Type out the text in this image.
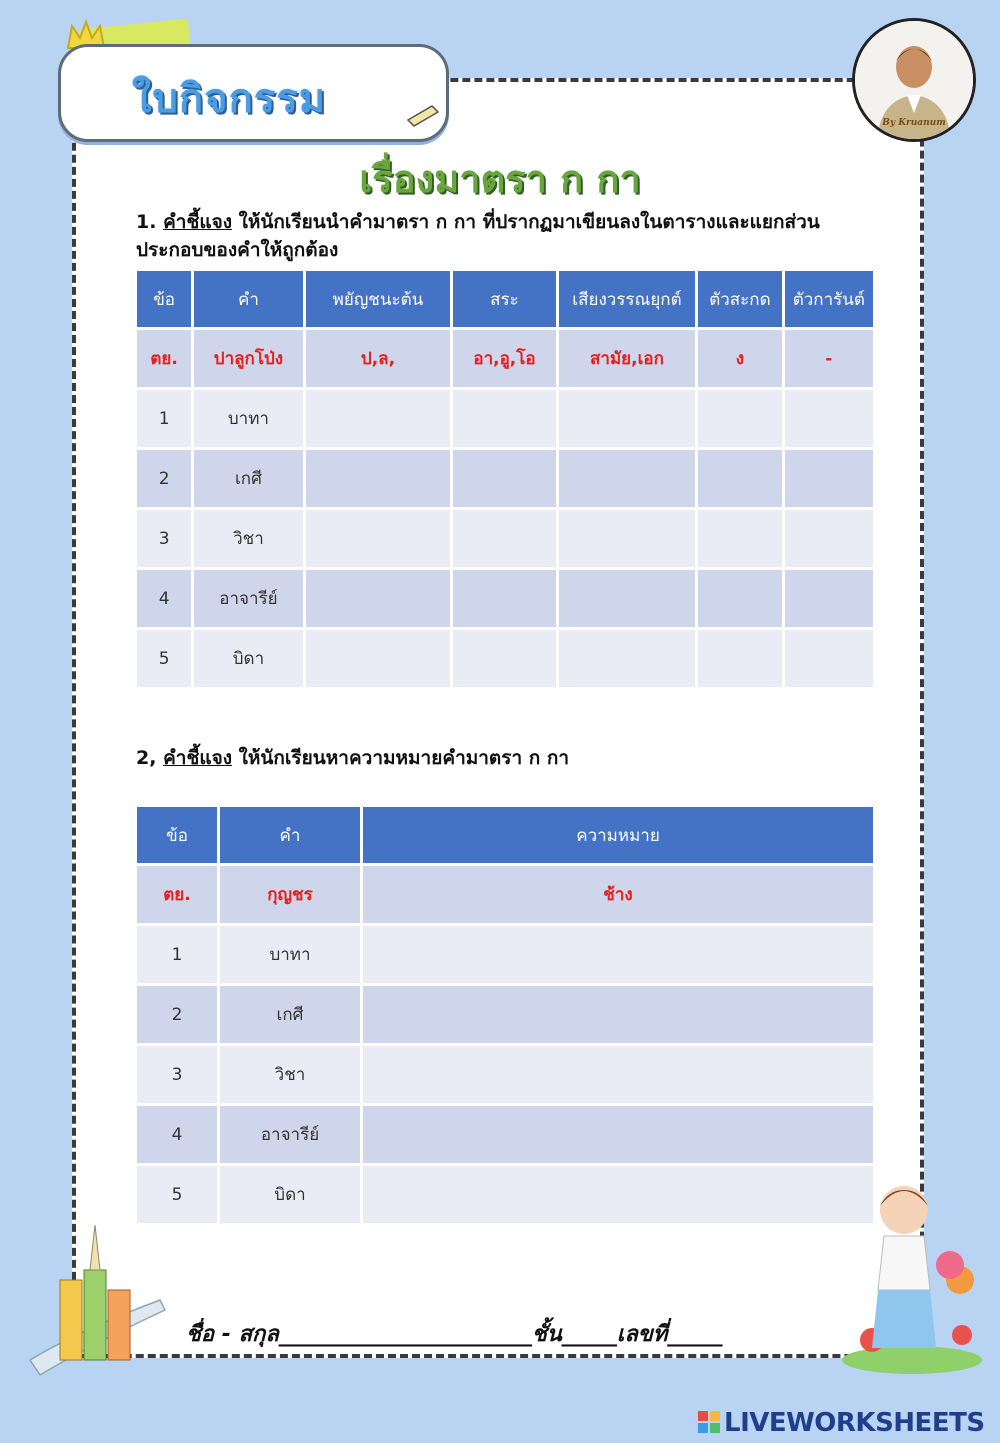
ใบกิจกรรม
By Kruanum
เรื่องมาตรา ก กา
1. คำชี้แจง ให้นักเรียนนำคำมาตรา ก กา ที่ปรากฏมาเขียนลงในตารางและแยกส่วนประกอบของคำให้ถูกต้อง
ข้อ	คำ	พยัญชนะต้น	สระ	เสียงวรรณยุกต์	ตัวสะกด	ตัวการันต์
ตย.	ปาลูกโป่ง	ป,ล,	อา,อู,โอ	สามัย,เอก	ง	-
1	บาทา					
2	เกศี					
3	วิชา					
4	อาจารีย์					
5	บิดา					
2, คำชี้แจง ให้นักเรียนหาความหมายคำมาตรา ก กา
ข้อ	คำ	ความหมาย
ตย.	กุญชร	ช้าง
1	บาทา	
2	เกศี	
3	วิชา	
4	อาจารีย์	
5	บิดา	
ชื่อ - สกุล_______________________ชั้น_____เลขที่_____
LIVEWORKSHEETS
